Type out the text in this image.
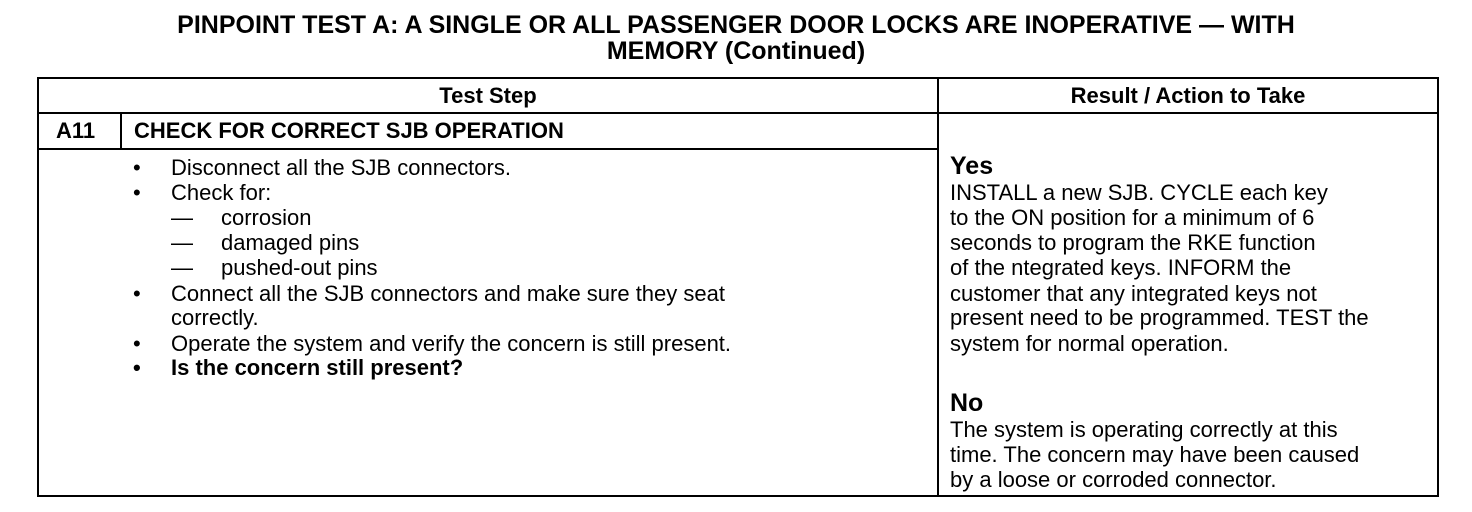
PINPOINT TEST A: A SINGLE OR ALL PASSENGER DOOR LOCKS ARE INOPERATIVE — WITH
MEMORY (Continued)
Test Step	Result / Action to Take
A11 CHECK FOR CORRECT SJB OPERATION
• Disconnect all the SJB connectors.
• Check for:
— corrosion
— damaged pins
— pushed-out pins
• Connect all the SJB connectors and make sure they seat
correctly.
• Operate the system and verify the concern is still present.
• Is the concern still present?
Yes
INSTALL a new SJB. CYCLE each key
to the ON position for a minimum of 6
seconds to program the RKE function
of the ntegrated keys. INFORM the
customer that any integrated keys not
present need to be programmed. TEST the
system for normal operation.
No
The system is operating correctly at this
time. The concern may have been caused
by a loose or corroded connector.
